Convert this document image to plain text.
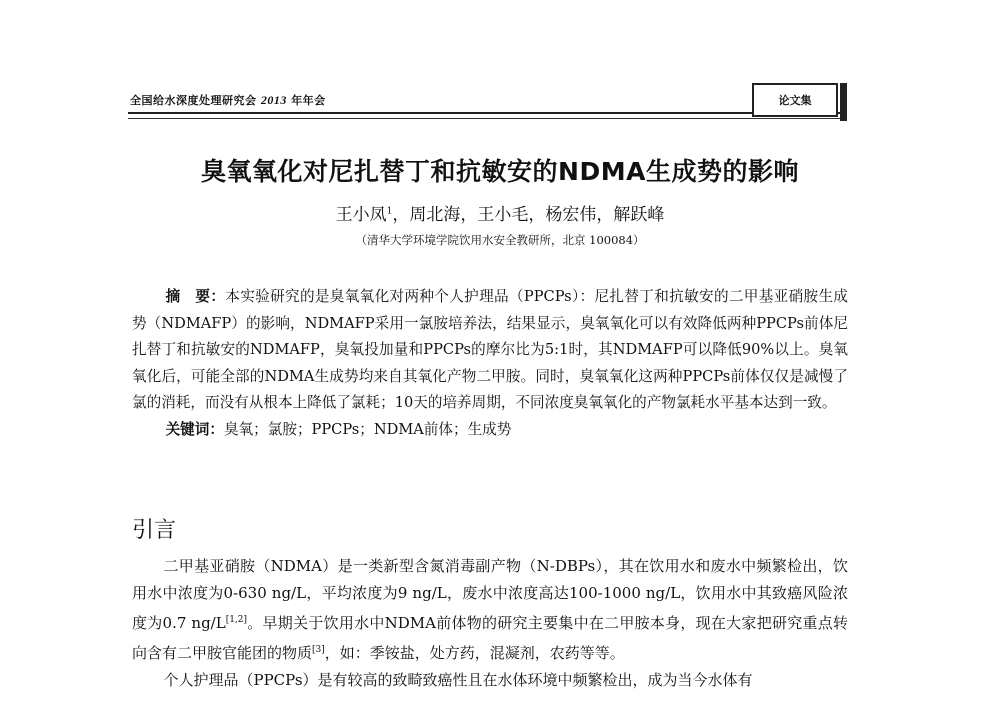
全国给水深度处理研究会 2013 年年会	论文集
臭氧氧化对尼扎替丁和抗敏安的NDMA生成势的影响
王小凤$^1$，周北海，王小毛，杨宏伟，解跃峰
（清华大学环境学院饮用水安全教研所，北京 100084）

摘　要：本实验研究的是臭氧氧化对两种个人护理品（PPCPs）：尼扎替丁和抗敏安的二甲基亚硝胺生成势（NDMAFP）的影响，NDMAFP采用一氯胺培养法，结果显示，臭氧氧化可以有效降低两种PPCPs前体尼扎替丁和抗敏安的NDMAFP，臭氧投加量和PPCPs的摩尔比为5:1时，其NDMAFP可以降低90%以上。臭氧氧化后，可能全部的NDMA生成势均来自其氧化产物二甲胺。同时，臭氧氧化这两种PPCPs前体仅仅是减慢了氯的消耗，而没有从根本上降低了氯耗；10天的培养周期，不同浓度臭氧氧化的产物氯耗水平基本达到一致。

关键词：臭氧；氯胺；PPCPs；NDMA前体；生成势

引言

二甲基亚硝胺（NDMA）是一类新型含氮消毒副产物（N-DBPs），其在饮用水和废水中频繁检出，饮用水中浓度为0-630 ng/L，平均浓度为9 ng/L，废水中浓度高达100-1000 ng/L，饮用水中其致癌风险浓度为0.7 ng/L[1,2]。早期关于饮用水中NDMA前体物的研究主要集中在二甲胺本身，现在大家把研究重点转向含有二甲胺官能团的物质[3]，如：季铵盐，处方药，混凝剂，农药等等。

个人护理品（PPCPs）是有较高的致畸致癌性且在水体环境中频繁检出，成为当今水体有
